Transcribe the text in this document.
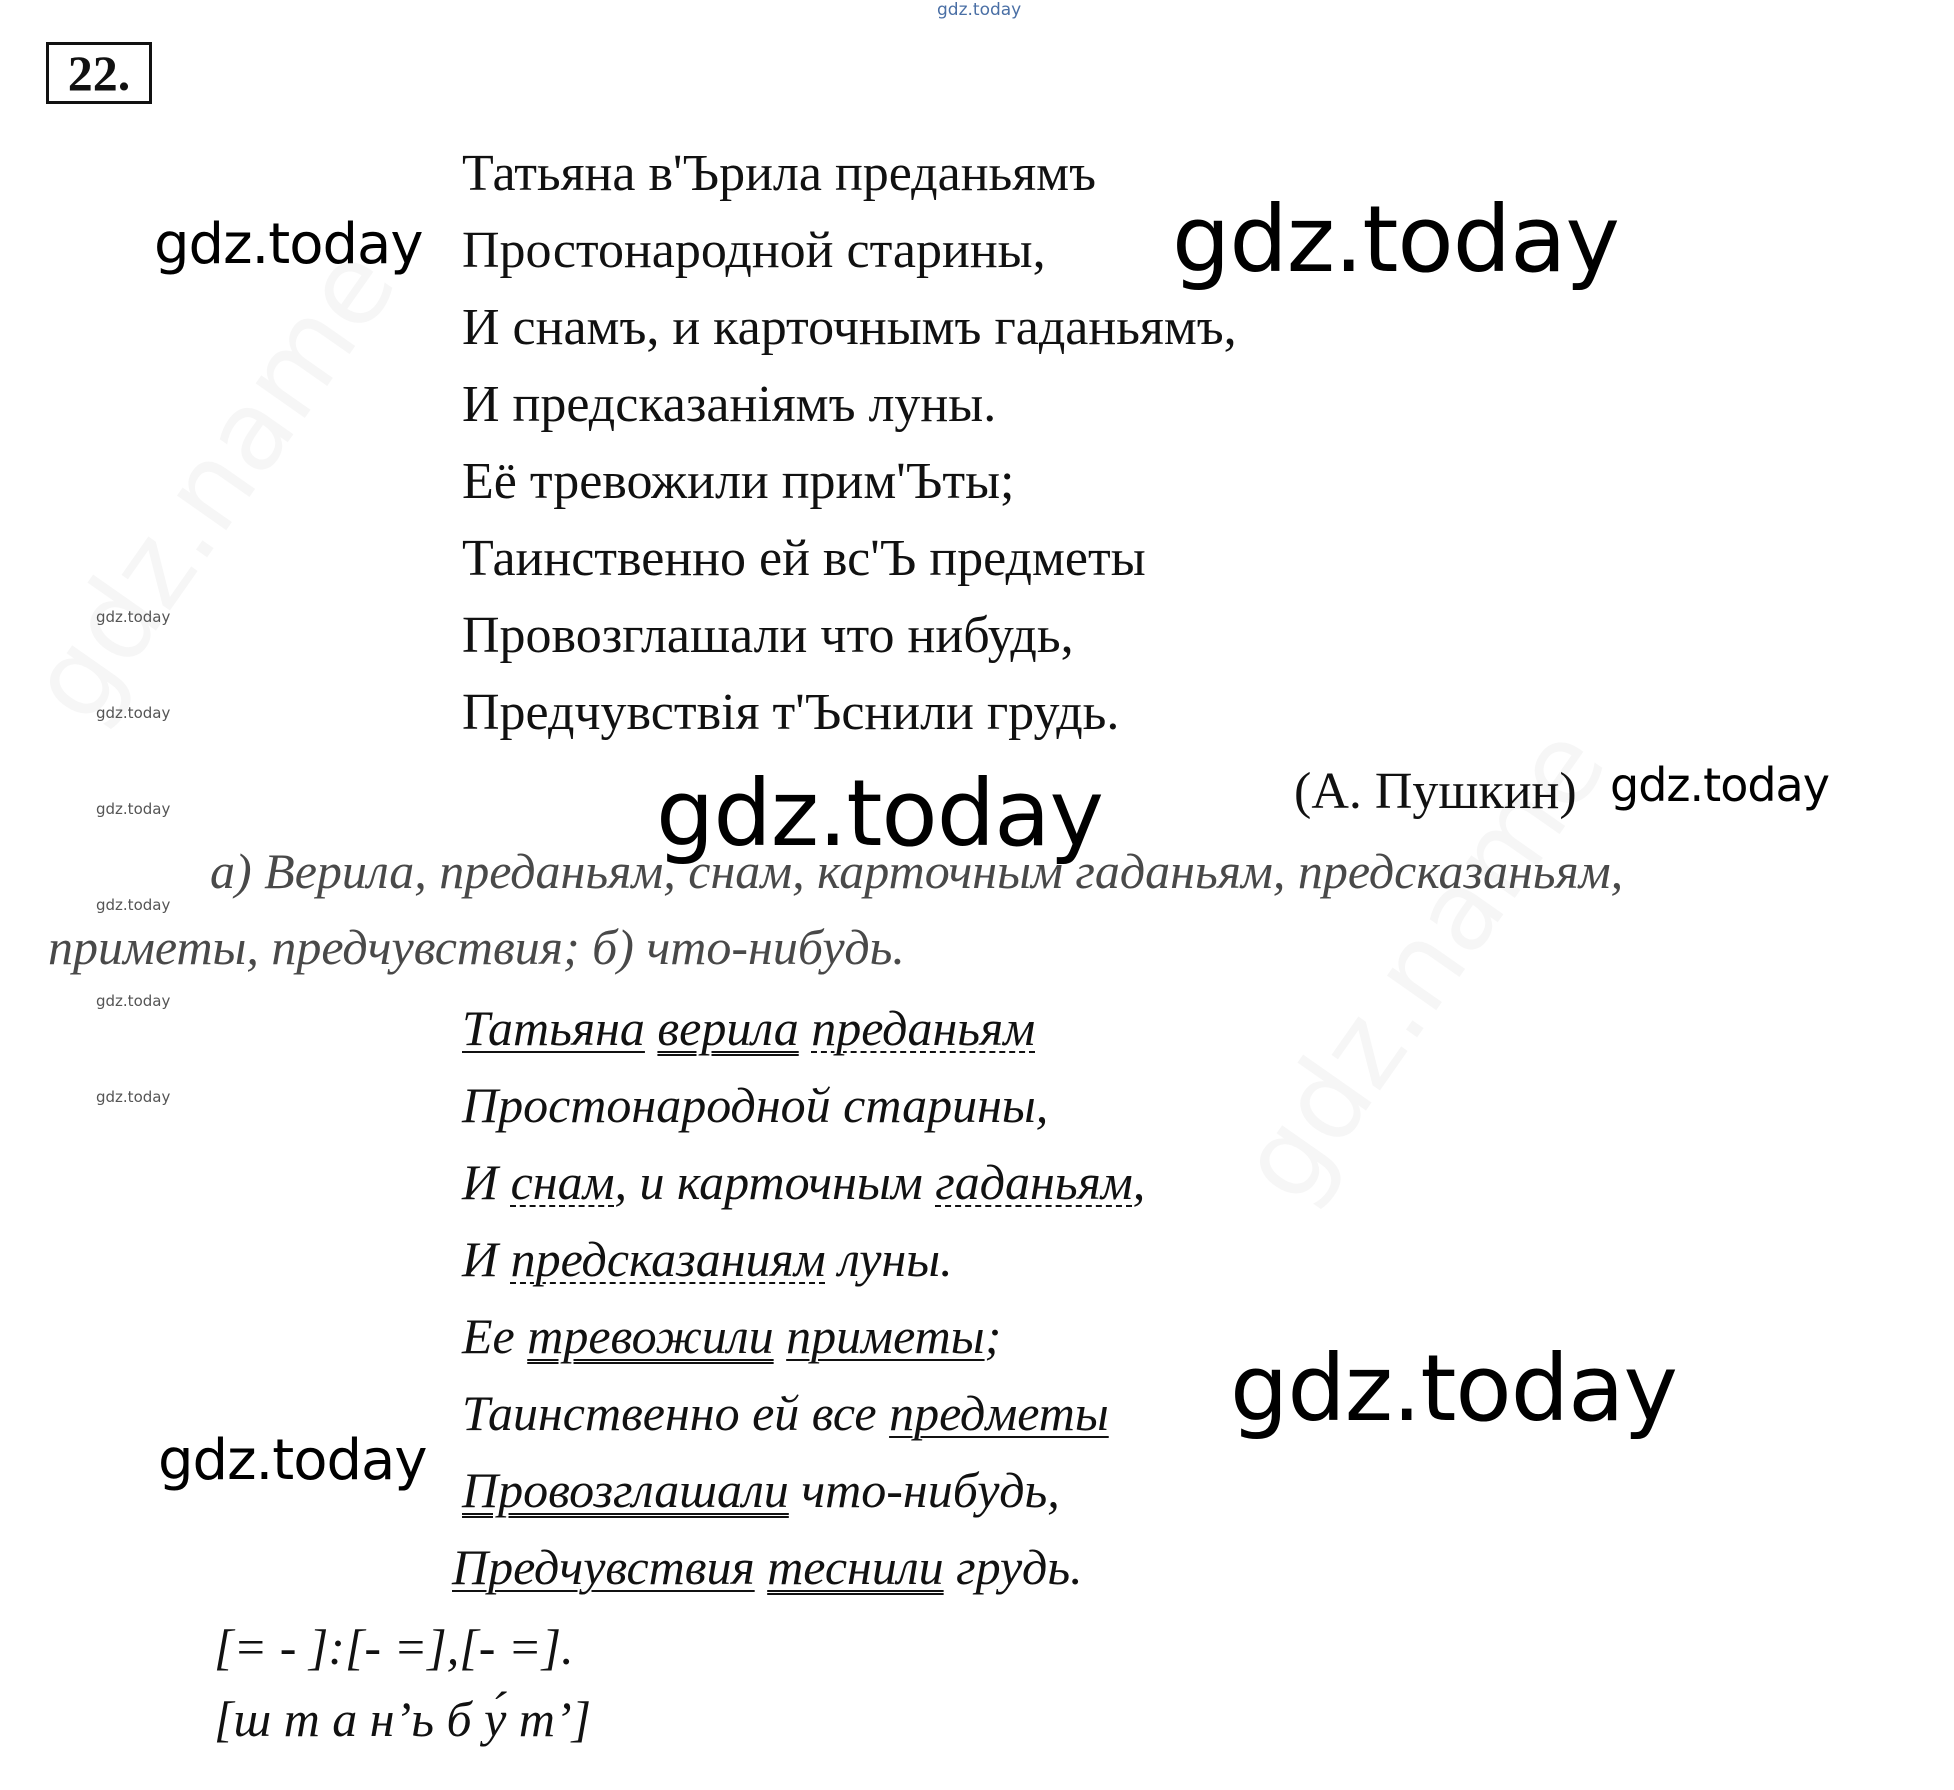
gdz.today
22.
Татьяна в'Ърила преданьямъ
Простонародной старины,
И снамъ, и карточнымъ гаданьямъ,
И предсказаніямъ луны.
Её тревожили прим'Ъты;
Таинственно ей вс'Ъ предметы
Провозглашали что нибудь,
Предчувствія т'Ъснили грудь.
(А. Пушкин)
а) Верила, преданьям, снам, карточным гаданьям, предсказаньям,
приметы, предчувствия; б) что-нибудь.
Татьяна верила преданьям
Простонародной старины,
И снам, и карточным гаданьям,
И предсказаниям луны.
Ее тревожили приметы;
Таинственно ей все предметы
Провозглашали что-нибудь,
Предчувствия теснили грудь.
[= - ]:[- =],[- =].
[ш т а н’ь б у́ т’]
gdz.today
gdz.today
gdz.today
gdz.today
gdz.today
gdz.today
gdz.today	gdz.today
gdz.today	gdz.today
gdz.today
gdz.today
